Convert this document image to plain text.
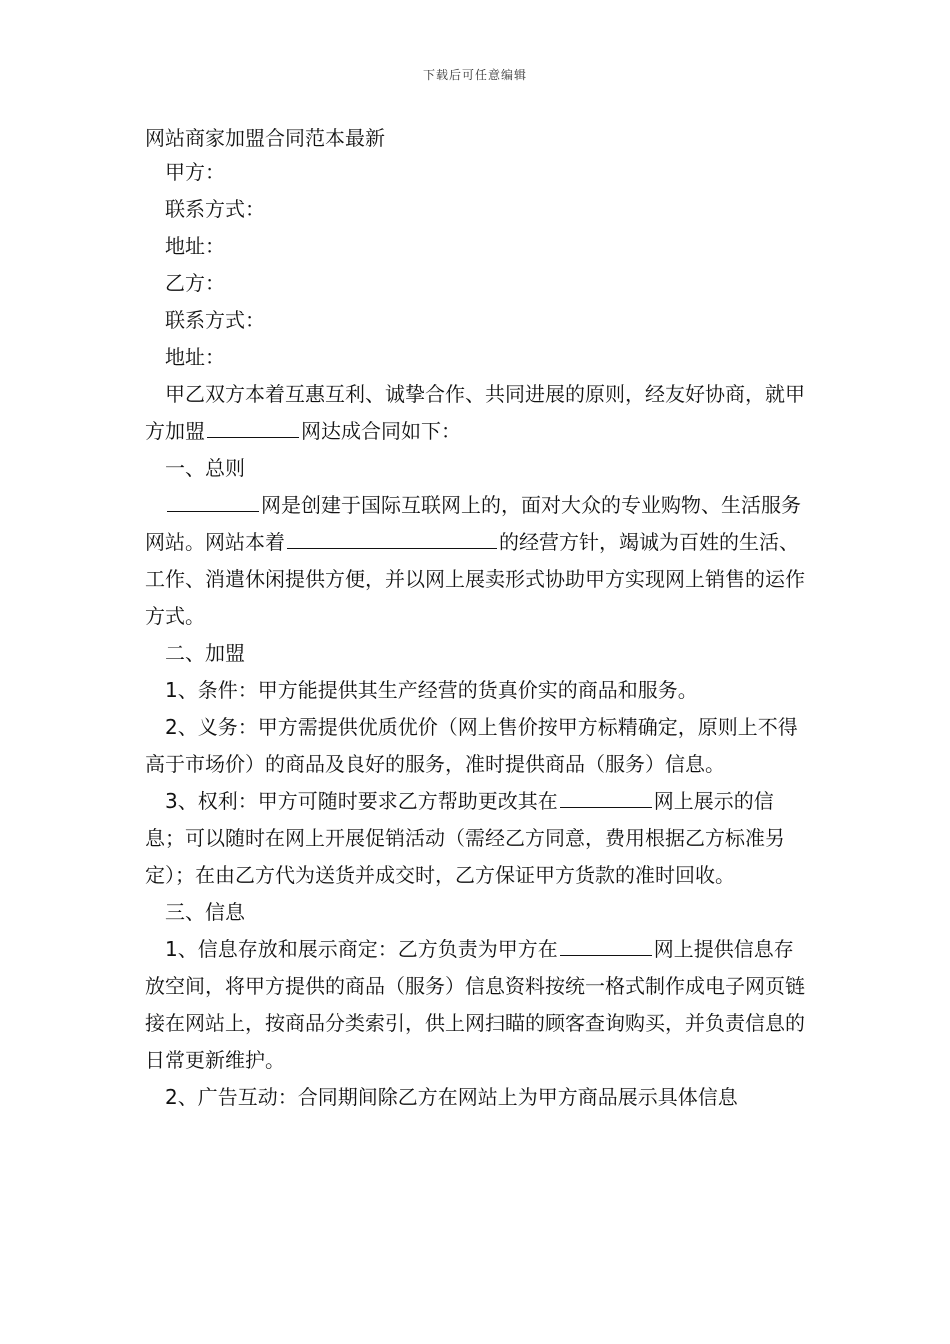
下载后可任意编辑

网站商家加盟合同范本最新

甲方：

联系方式：

地址：

乙方：

联系方式：

地址：

甲乙双方本着互惠互利、诚挚合作、共同进展的原则，经友好协商，就甲方加盟	网达成合同如下：

一、总则

网是创建于国际互联网上的，面对大众的专业购物、生活服务网站。网站本着	的经营方针，竭诚为百姓的生活、工作、消遣休闲提供方便，并以网上展卖形式协助甲方实现网上销售的运作方式。

二、加盟

1、条件：甲方能提供其生产经营的货真价实的商品和服务。

2、义务：甲方需提供优质优价（网上售价按甲方标精确定，原则上不得高于市场价）的商品及良好的服务，准时提供商品（服务）信息。

3、权利：甲方可随时要求乙方帮助更改其在	网上展示的信息；可以随时在网上开展促销活动（需经乙方同意，费用根据乙方标准另定）；在由乙方代为送货并成交时，乙方保证甲方货款的准时回收。

三、信息

1、信息存放和展示商定：乙方负责为甲方在	网上提供信息存放空间，将甲方提供的商品（服务）信息资料按统一格式制作成电子网页链接在网站上，按商品分类索引，供上网扫瞄的顾客查询购买，并负责信息的日常更新维护。

2、广告互动：合同期间除乙方在网站上为甲方商品展示具体信息
